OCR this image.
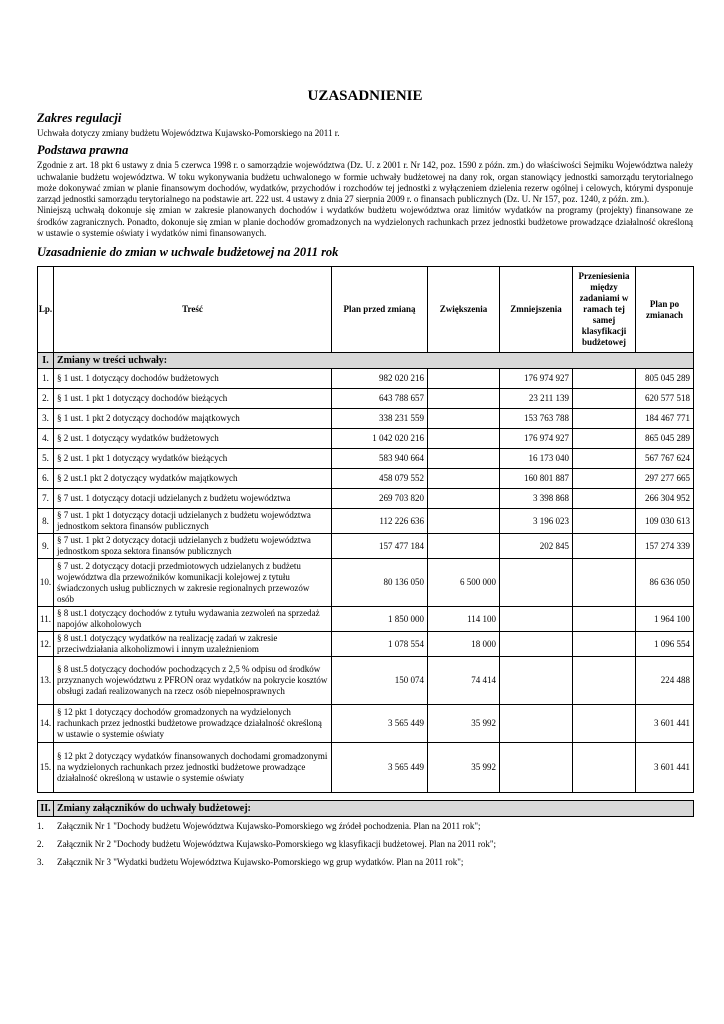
UZASADNIENIE
Zakres regulacji

Uchwała dotyczy zmiany budżetu Województwa Kujawsko-Pomorskiego na 2011 r.

Podstawa prawna

Zgodnie z art. 18 pkt 6 ustawy z dnia 5 czerwca 1998 r. o samorządzie województwa (Dz. U. z 2001 r. Nr 142, poz. 1590 z późn. zm.) do właściwości Sejmiku Województwa należy uchwalanie budżetu województwa. W toku wykonywania budżetu uchwalonego w formie uchwały budżetowej na dany rok, organ stanowiący jednostki samorządu terytorialnego może dokonywać zmian w planie finansowym dochodów, wydatków, przychodów i rozchodów tej jednostki z wyłączeniem dzielenia rezerw ogólnej i celowych, którymi dysponuje zarząd jednostki samorządu terytorialnego na podstawie art. 222 ust. 4 ustawy z dnia 27 sierpnia 2009 r. o finansach publicznych (Dz. U. Nr 157, poz. 1240, z późn. zm.).

Niniejszą uchwałą dokonuje się zmian w zakresie planowanych dochodów i wydatków budżetu województwa oraz limitów wydatków na programy (projekty) finansowane ze środków zagranicznych. Ponadto, dokonuje się zmian w planie dochodów gromadzonych na wydzielonych rachunkach przez jednostki budżetowe prowadzące działalność określoną w ustawie o systemie oświaty i wydatków nimi finansowanych.

Uzasadnienie do zmian w uchwale budżetowej na 2011 rok
Lp.	Treść	Plan przed zmianą	Zwiększenia	Zmniejszenia	Przeniesienia między zadaniami w ramach tej samej klasyfikacji budżetowej	Plan po zmianach
I.	Zmiany w treści uchwały:					
1.	§ 1 ust. 1 dotyczący dochodów budżetowych	982 020 216		176 974 927		805 045 289
2.	§ 1 ust. 1 pkt 1 dotyczący dochodów bieżących	643 788 657		23 211 139		620 577 518
3.	§ 1 ust. 1 pkt 2 dotyczący dochodów majątkowych	338 231 559		153 763 788		184 467 771
4.	§ 2 ust. 1 dotyczący wydatków budżetowych	1 042 020 216		176 974 927		865 045 289
5.	§ 2 ust. 1 pkt 1 dotyczący wydatków bieżących	583 940 664		16 173 040		567 767 624
6.	§ 2 ust.1 pkt 2 dotyczący wydatków majątkowych	458 079 552		160 801 887		297 277 665
7.	§ 7 ust. 1 dotyczący dotacji udzielanych z budżetu województwa	269 703 820		3 398 868		266 304 952
8.	§ 7 ust. 1 pkt 1 dotyczący dotacji udzielanych z budżetu województwa jednostkom sektora finansów publicznych	112 226 636		3 196 023		109 030 613
9.	§ 7 ust. 1 pkt 2 dotyczący dotacji udzielanych z budżetu województwa jednostkom spoza sektora finansów publicznych	157 477 184		202 845		157 274 339
10.	§ 7 ust. 2 dotyczący dotacji przedmiotowych udzielanych z budżetu województwa dla przewoźników komunikacji kolejowej z tytułu świadczonych usług publicznych w zakresie regionalnych przewozów osób	80 136 050	6 500 000			86 636 050
11.	§ 8 ust.1 dotyczący dochodów z tytułu wydawania zezwoleń na sprzedaż napojów alkoholowych	1 850 000	114 100			1 964 100
12.	§ 8 ust.1 dotyczący wydatków na realizację zadań w zakresie przeciwdziałania alkoholizmowi i innym uzależnieniom	1 078 554	18 000			1 096 554
13.	§ 8 ust.5 dotyczący dochodów pochodzących z 2,5 % odpisu od środków przyznanych województwu z PFRON oraz wydatków na pokrycie kosztów obsługi zadań realizowanych na rzecz osób niepełnosprawnych	150 074	74 414			224 488
14.	§ 12 pkt 1 dotyczący dochodów gromadzonych na wydzielonych rachunkach przez jednostki budżetowe prowadzące działalność określoną w ustawie o systemie oświaty	3 565 449	35 992			3 601 441
15.	§ 12 pkt 2 dotyczący wydatków finansowanych dochodami gromadzonymi na wydzielonych rachunkach przez jednostki budżetowe prowadzące działalność określoną w ustawie o systemie oświaty	3 565 449	35 992			3 601 441

II.	Zmiany załączników do uchwały budżetowej:					
1.	Załącznik Nr 1 "Dochody budżetu Województwa Kujawsko-Pomorskiego wg źródeł pochodzenia. Plan na 2011 rok";
2.	Załącznik Nr 2 "Dochody budżetu Województwa Kujawsko-Pomorskiego wg klasyfikacji budżetowej. Plan na 2011 rok";
3.	Załącznik Nr 3 "Wydatki budżetu Województwa Kujawsko-Pomorskiego wg grup wydatków. Plan na 2011 rok";
